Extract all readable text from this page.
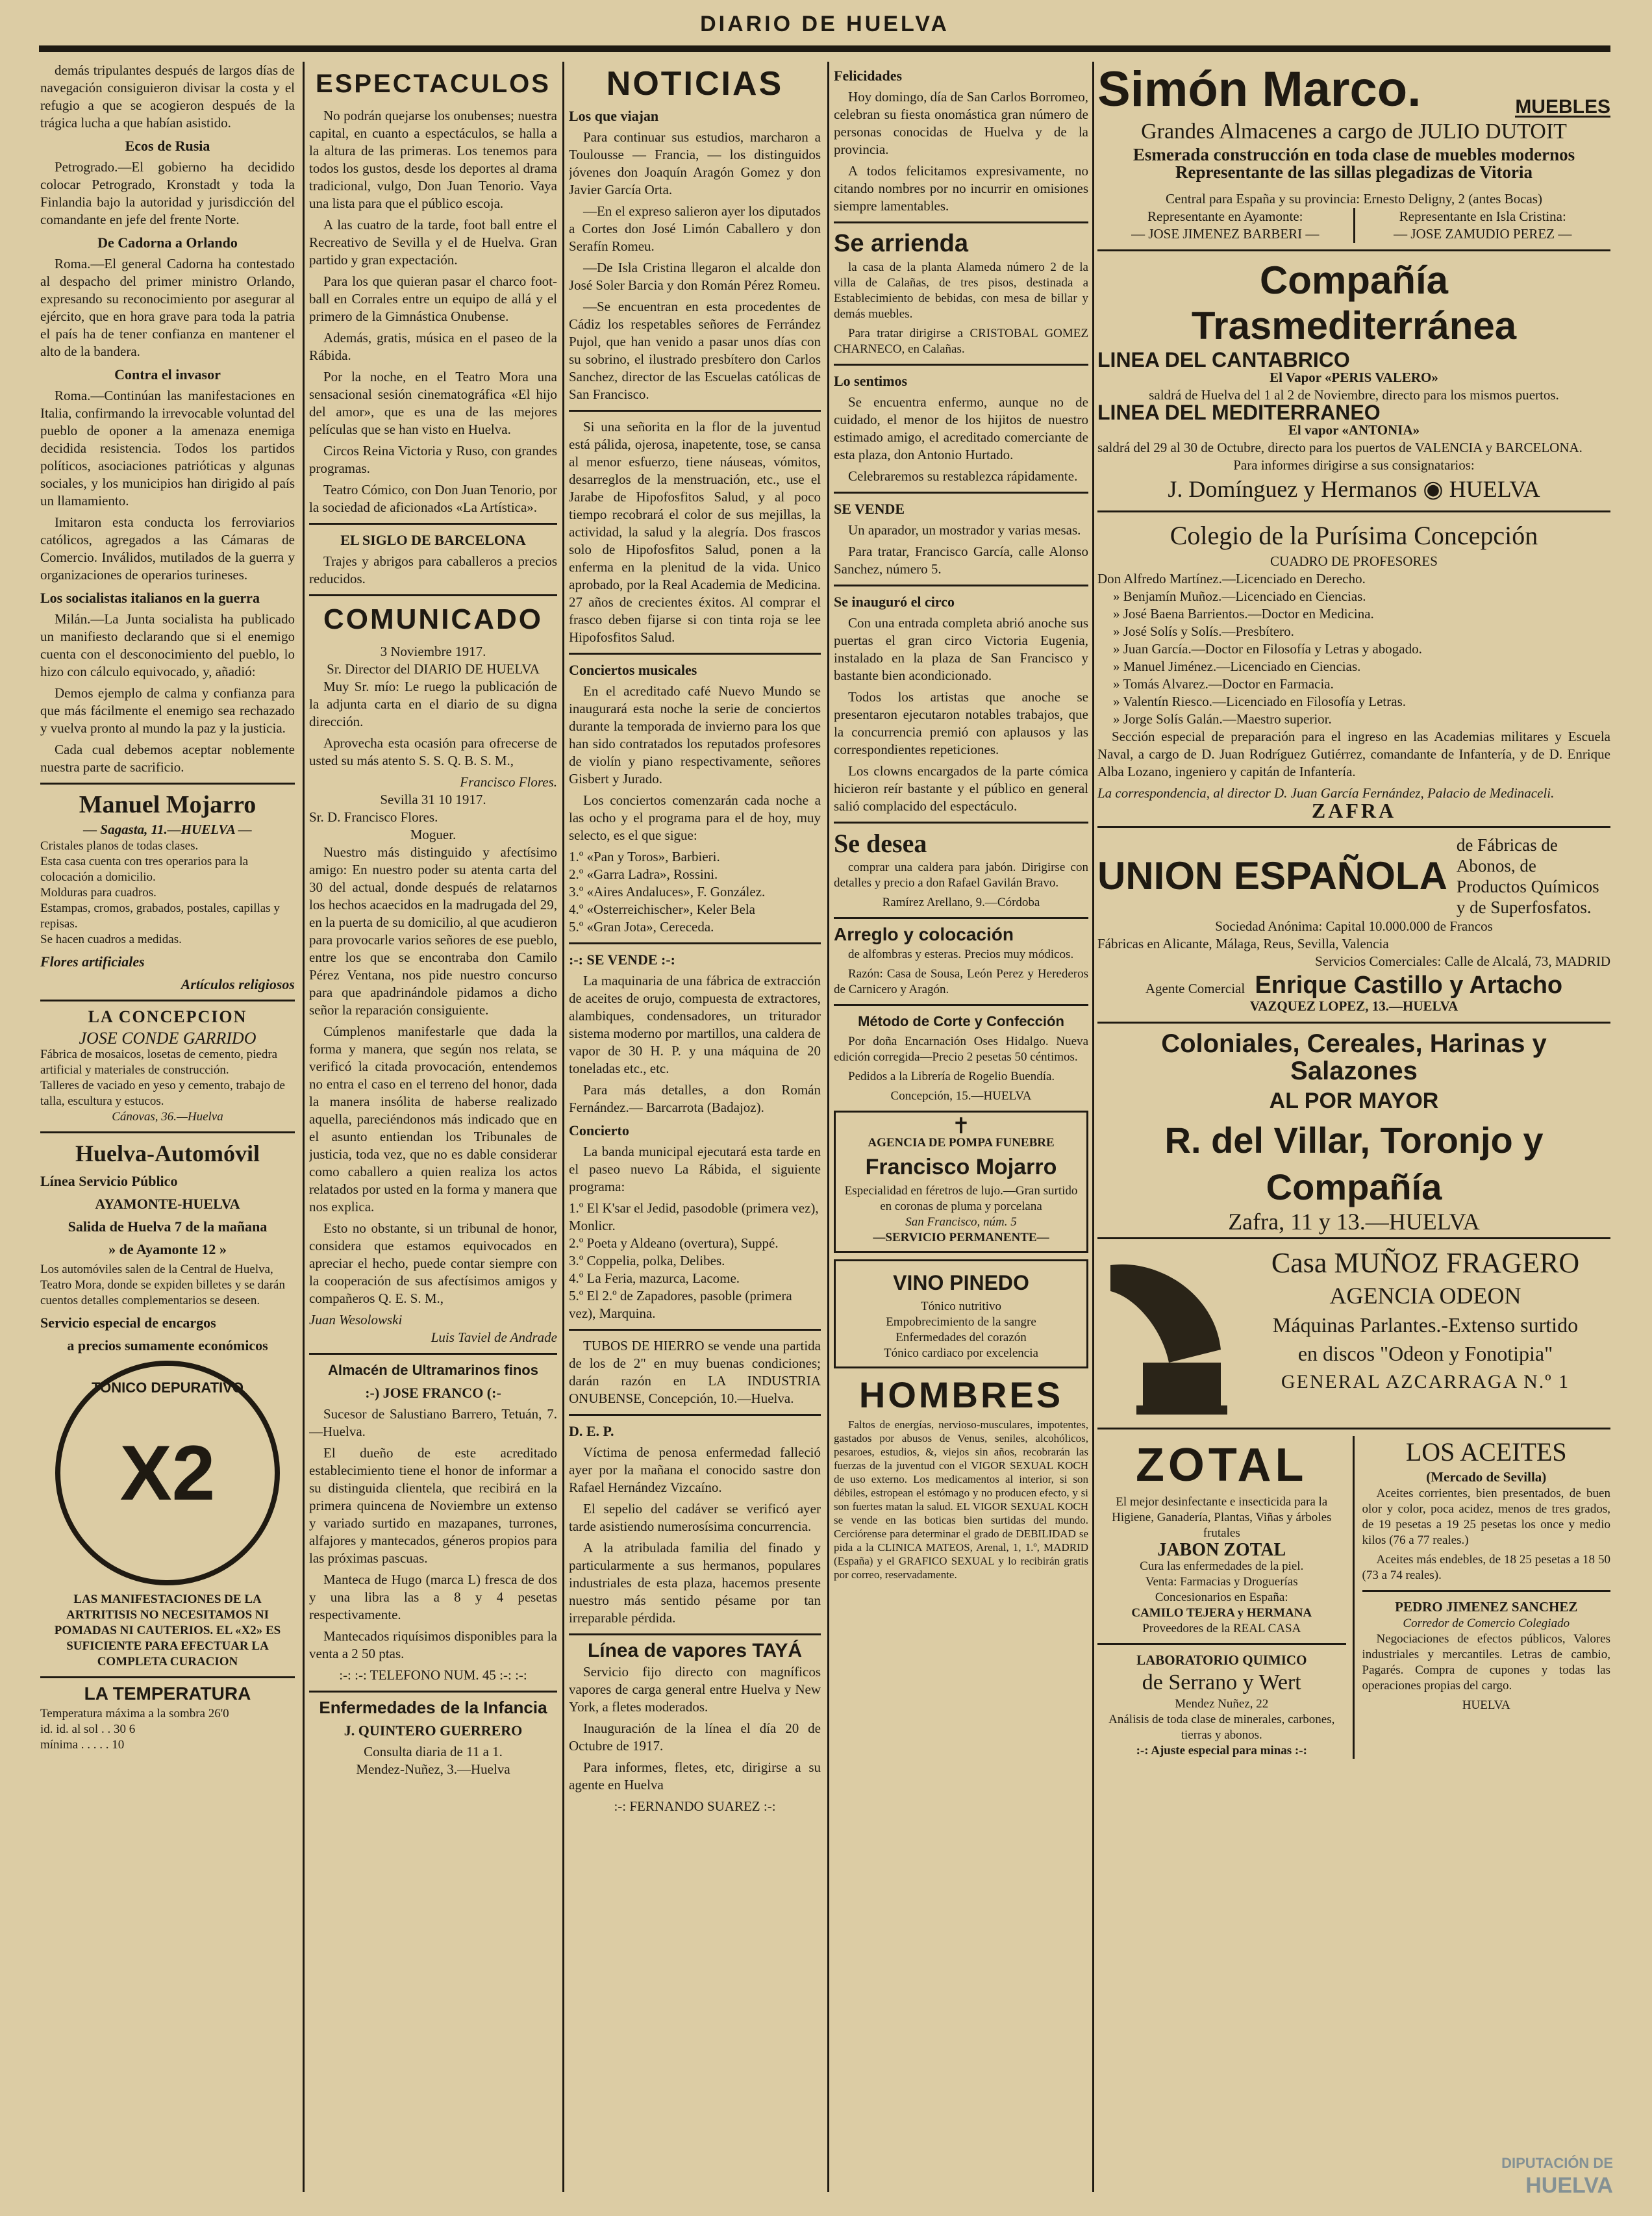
DIARIO DE HUELVA

demás tripulantes después de largos días de navegación consiguieron divisar la costa y el refugio a que se acogieron después de la trágica lucha a que habían asistido.

Ecos de Rusia

Petrogrado.—El gobierno ha decidido colocar Petrogrado, Kronstadt y toda la Finlandia bajo la autoridad y jurisdicción del comandante en jefe del frente Norte.

De Cadorna a Orlando

Roma.—El general Cadorna ha contestado al despacho del primer ministro Orlando, expresando su reconocimiento por asegurar al ejército, que en hora grave para toda la patria el país ha de tener confianza en mantener el alto de la bandera.

Contra el invasor

Roma.—Continúan las manifestaciones en Italia, confirmando la irrevocable voluntad del pueblo de oponer a la amenaza enemiga decidida resistencia. Todos los partidos políticos, asociaciones patrióticas y algunas sociales, y los municipios han dirigido al país un llamamiento.

Imitaron esta conducta los ferroviarios católicos, agregados a las Cámaras de Comercio. Inválidos, mutilados de la guerra y organizaciones de operarios turineses.

Los socialistas italianos en la guerra

Milán.—La Junta socialista ha publicado un manifiesto declarando que si el enemigo cuenta con el desconocimiento del pueblo, lo hizo con cálculo equivocado, y, añadió:

Demos ejemplo de calma y confianza para que más fácilmente el enemigo sea rechazado y vuelva pronto al mundo la paz y la justicia.

Cada cual debemos aceptar noblemente nuestra parte de sacrificio.

Manuel Mojarro
— Sagasta, 11.—HUELVA —
Cristales planos de todas clases.
Esta casa cuenta con tres operarios para la colocación a domicilio.
Molduras para cuadros.
Estampas, cromos, grabados, postales, capillas y repisas.
Se hacen cuadros a medidas.
Flores artificiales
Artículos religiosos
LA CONCEPCION
JOSE CONDE GARRIDO
Fábrica de mosaicos, losetas de cemento, piedra artificial y materiales de construcción.
Talleres de vaciado en yeso y cemento, trabajo de talla, escultura y estucos.
Cánovas, 36.—Huelva
Huelva-Automóvil
Línea Servicio Público
AYAMONTE-HUELVA
Salida de Huelva 7 de la mañana
» de Ayamonte 12 »
Los automóviles salen de la Central de Huelva, Teatro Mora, donde se expiden billetes y se darán cuentos detalles complementarios se deseen.
Servicio especial de encargos
a precios sumamente económicos
TONICO DEPURATIVO
X2
LAS MANIFESTACIONES DE LA ARTRITISIS NO NECESITAMOS NI POMADAS NI CAUTERIOS. EL «X2» ES SUFICIENTE PARA EFECTUAR LA COMPLETA CURACION
LA TEMPERATURA
Temperatura máxima a la sombra 26'0
id. id. al sol . . 30 6
mínima . . . . . 10
ESPECTACULOS

No podrán quejarse los onubenses; nuestra capital, en cuanto a espectáculos, se halla a la altura de las primeras. Los tenemos para todos los gustos, desde los deportes al drama tradicional, vulgo, Don Juan Tenorio. Vaya una lista para que el público escoja.

A las cuatro de la tarde, foot ball entre el Recreativo de Sevilla y el de Huelva. Gran partido y gran expectación.

Para los que quieran pasar el charco foot-ball en Corrales entre un equipo de allá y el primero de la Gimnástica Onubense.

Además, gratis, música en el paseo de la Rábida.

Por la noche, en el Teatro Mora una sensacional sesión cinematográfica «El hijo del amor», que es una de las mejores películas que se han visto en Huelva.

Circos Reina Victoria y Ruso, con grandes programas.

Teatro Cómico, con Don Juan Tenorio, por la sociedad de aficionados «La Artística».

EL SIGLO DE BARCELONA

Trajes y abrigos para caballeros a precios reducidos.

COMUNICADO
3 Noviembre 1917.
Sr. Director del DIARIO DE HUELVA

Muy Sr. mío: Le ruego la publicación de la adjunta carta en el diario de su digna dirección.

Aprovecha esta ocasión para ofrecerse de usted su más atento S. S. Q. B. S. M.,

Francisco Flores.
Sevilla 31 10 1917.
Sr. D. Francisco Flores.
Moguer.

Nuestro más distinguido y afectísimo amigo: En nuestro poder su atenta carta del 30 del actual, donde después de relatarnos los hechos acaecidos en la madrugada del 29, en la puerta de su domicilio, al que acudieron para provocarle varios señores de ese pueblo, entre los que se encontraba don Camilo Pérez Ventana, nos pide nuestro concurso para que apadrinándole pidamos a dicho señor la reparación consiguiente.

Cúmplenos manifestarle que dada la forma y manera, que según nos relata, se verificó la citada provocación, entendemos no entra el caso en el terreno del honor, dada la manera insólita de haberse realizado aquella, pareciéndonos más indicado que en el asunto entiendan los Tribunales de justicia, toda vez, que no es dable considerar como caballero a quien realiza los actos relatados por usted en la forma y manera que nos explica.

Esto no obstante, si un tribunal de honor, considera que estamos equivocados en apreciar el hecho, puede contar siempre con la cooperación de sus afectísimos amigos y compañeros Q. E. S. M.,

Juan Wesolowski
Luis Taviel de Andrade
Almacén de Ultramarinos finos
:-) JOSE FRANCO (:-

Sucesor de Salustiano Barrero, Tetuán, 7.—Huelva.

El dueño de este acreditado establecimiento tiene el honor de informar a su distinguida clientela, que recibirá en la primera quincena de Noviembre un extenso y variado surtido en mazapanes, turrones, alfajores y mantecados, géneros propios para las próximas pascuas.

Manteca de Hugo (marca L) fresca de dos y una libra las a 8 y 4 pesetas respectivamente.

Mantecados riquísimos disponibles para la venta a 2 50 ptas.

:-: :-: TELEFONO NUM. 45 :-: :-:
Enfermedades de la Infancia
J. QUINTERO GUERRERO
Consulta diaria de 11 a 1.
Mendez-Nuñez, 3.—Huelva
NOTICIAS
Los que viajan

Para continuar sus estudios, marcharon a Toulousse — Francia, — los distinguidos jóvenes don Joaquín Aragón Gomez y don Javier García Orta.

—En el expreso salieron ayer los diputados a Cortes don José Limón Caballero y don Serafín Romeu.

—De Isla Cristina llegaron el alcalde don José Soler Barcia y don Román Pérez Romeu.

—Se encuentran en esta procedentes de Cádiz los respetables señores de Ferrández Pujol, que han venido a pasar unos días con su sobrino, el ilustrado presbítero don Carlos Sanchez, director de las Escuelas católicas de San Francisco.

Si una señorita en la flor de la juventud está pálida, ojerosa, inapetente, tose, se cansa al menor esfuerzo, tiene náuseas, vómitos, desarreglos de la menstruación, etc., use el Jarabe de Hipofosfitos Salud, y al poco tiempo recobrará el color de sus mejillas, la actividad, la salud y la alegría. Dos frascos solo de Hipofosfitos Salud, ponen a la enferma en la plenitud de la vida. Unico aprobado, por la Real Academia de Medicina. 27 años de crecientes éxitos. Al comprar el frasco deben fijarse si con tinta roja se lee Hipofosfitos Salud.

Conciertos musicales

En el acreditado café Nuevo Mundo se inaugurará esta noche la serie de conciertos durante la temporada de invierno para los que han sido contratados los reputados profesores de violín y piano respectivamente, señores Gisbert y Jurado.

Los conciertos comenzarán cada noche a las ocho y el programa para el de hoy, muy selecto, es el que sigue:

1.º «Pan y Toros», Barbieri.
2.º «Garra Ladra», Rossini.
3.º «Aires Andaluces», F. González.
4.º «Osterreichischer», Keler Bela
5.º «Gran Jota», Cereceda.
:-: SE VENDE :-:

La maquinaria de una fábrica de extracción de aceites de orujo, compuesta de extractores, alambiques, condensadores, un triturador sistema moderno por martillos, una caldera de vapor de 30 H. P. y una máquina de 20 toneladas etc., etc.

Para más detalles, a don Román Fernández.— Barcarrota (Badajoz).

Concierto

La banda municipal ejecutará esta tarde en el paseo nuevo La Rábida, el siguiente programa:

1.º El K'sar el Jedid, pasodoble (primera vez), Monlicr.
2.º Poeta y Aldeano (overtura), Suppé.
3.º Coppelia, polka, Delibes.
4.º La Feria, mazurca, Lacome.
5.º El 2.º de Zapadores, pasoble (primera vez), Marquina.

TUBOS DE HIERRO se vende una partida de los de 2" en muy buenas condiciones; darán razón en LA INDUSTRIA ONUBENSE, Concepción, 10.—Huelva.

D. E. P.

Víctima de penosa enfermedad falleció ayer por la mañana el conocido sastre don Rafael Hernández Vizcaíno.

El sepelio del cadáver se verificó ayer tarde asistiendo numerosísima concurrencia.

A la atribulada familia del finado y particularmente a sus hermanos, populares industriales de esta plaza, hacemos presente nuestro más sentido pésame por tan irreparable pérdida.

Línea de vapores TAYÁ

Servicio fijo directo con magníficos vapores de carga general entre Huelva y New York, a fletes moderados.

Inauguración de la línea el día 20 de Octubre de 1917.

Para informes, fletes, etc, dirigirse a su agente en Huelva

:-: FERNANDO SUAREZ :-:
Felicidades

Hoy domingo, día de San Carlos Borromeo, celebran su fiesta onomástica gran número de personas conocidas de Huelva y de la provincia.

A todos felicitamos expresivamente, no citando nombres por no incurrir en omisiones siempre lamentables.

Se arrienda

la casa de la planta Alameda número 2 de la villa de Calañas, de tres pisos, destinada a Establecimiento de bebidas, con mesa de billar y demás muebles.

Para tratar dirigirse a CRISTOBAL GOMEZ CHARNECO, en Calañas.

Lo sentimos

Se encuentra enfermo, aunque no de cuidado, el menor de los hijitos de nuestro estimado amigo, el acreditado comerciante de esta plaza, don Antonio Hurtado.

Celebraremos su restablezca rápidamente.

SE VENDE

Un aparador, un mostrador y varias mesas.

Para tratar, Francisco García, calle Alonso Sanchez, número 5.

Se inauguró el circo

Con una entrada completa abrió anoche sus puertas el gran circo Victoria Eugenia, instalado en la plaza de San Francisco y bastante bien acondicionado.

Todos los artistas que anoche se presentaron ejecutaron notables trabajos, que la concurrencia premió con aplausos y las correspondientes repeticiones.

Los clowns encargados de la parte cómica hicieron reír bastante y el público en general salió complacido del espectáculo.

Se desea

comprar una caldera para jabón. Dirigirse con detalles y precio a don Rafael Gavilán Bravo.

Ramírez Arellano, 9.—Córdoba
Arreglo y colocación

de alfombras y esteras. Precios muy módicos.

Razón: Casa de Sousa, León Perez y Herederos de Carnicero y Aragón.

Método de Corte y Confección

Por doña Encarnación Oses Hidalgo. Nueva edición corregida—Precio 2 pesetas 50 céntimos.

Pedidos a la Librería de Rogelio Buendía.

Concepción, 15.—HUELVA
✝
AGENCIA DE POMPA FUNEBRE
Francisco Mojarro
Especialidad en féretros de lujo.—Gran surtido en coronas de pluma y porcelana
San Francisco, núm. 5
—SERVICIO PERMANENTE—
VINO PINEDO
Tónico nutritivo
Empobrecimiento de la sangre
Enfermedades del corazón
Tónico cardiaco por excelencia
HOMBRES

Faltos de energías, nervioso-musculares, impotentes, gastados por abusos de Venus, seniles, alcohólicos, pesaroes, estudios, &, viejos sin años, recobrarán las fuerzas de la juventud con el VIGOR SEXUAL KOCH de uso externo. Los medicamentos al interior, si son débiles, estropean el estómago y no producen efecto, y si son fuertes matan la salud. EL VIGOR SEXUAL KOCH se vende en las boticas bien surtidas del mundo. Cerciórense para determinar el grado de DEBILIDAD se pida a la CLINICA MATEOS, Arenal, 1, 1.º, MADRID (España) y el GRAFICO SEXUAL y lo recibirán gratis por correo, reservadamente.

Simón Marco.	MUEBLES
Grandes Almacenes a cargo de JULIO DUTOIT
Esmerada construcción en toda clase de muebles modernos
Representante de las sillas plegadizas de Vitoria
Central para España y su provincia: Ernesto Deligny, 2 (antes Bocas)
Representante en Ayamonte:
— JOSE JIMENEZ BARBERI —
Representante en Isla Cristina:
— JOSE ZAMUDIO PEREZ —
Compañía Trasmediterránea
LINEA DEL CANTABRICO
El Vapor «PERIS VALERO»
saldrá de Huelva del 1 al 2 de Noviembre, directo para los mismos puertos.
LINEA DEL MEDITERRANEO
El vapor «ANTONIA»
saldrá del 29 al 30 de Octubre, directo para los puertos de VALENCIA y BARCELONA.
Para informes dirigirse a sus consignatarios:
J. Domínguez y Hermanos ◉ HUELVA
Colegio de la Purísima Concepción
CUADRO DE PROFESORES
Don Alfredo Martínez.—Licenciado en Derecho.
» Benjamín Muñoz.—Licenciado en Ciencias.
» José Baena Barrientos.—Doctor en Medicina.
» José Solís y Solís.—Presbítero.
» Juan García.—Doctor en Filosofía y Letras y abogado.
» Manuel Jiménez.—Licenciado en Ciencias.
» Tomás Alvarez.—Doctor en Farmacia.
» Valentín Riesco.—Licenciado en Filosofía y Letras.
» Jorge Solís Galán.—Maestro superior.

Sección especial de preparación para el ingreso en las Academias militares y Escuela Naval, a cargo de D. Juan Rodríguez Gutiérrez, comandante de Infantería, y de D. Enrique Alba Lozano, ingeniero y capitán de Infantería.

La correspondencia, al director D. Juan García Fernández, Palacio de Medinaceli.
ZAFRA
UNION ESPAÑOLA
de Fábricas de Abonos, de Productos Químicos y de Superfosfatos.
Sociedad Anónima: Capital 10.000.000 de Francos
Fábricas en Alicante, Málaga, Reus, Sevilla, Valencia
Servicios Comerciales: Calle de Alcalá, 73, MADRID
Agente Comercial Enrique Castillo y Artacho
VAZQUEZ LOPEZ, 13.—HUELVA
Coloniales, Cereales, Harinas y Salazones
AL POR MAYOR
R. del Villar, Toronjo y Compañía
Zafra, 11 y 13.—HUELVA
Casa MUÑOZ FRAGERO
AGENCIA ODEON
Máquinas Parlantes.-Extenso surtido
en discos "Odeon y Fonotipia"
GENERAL AZCARRAGA N.º 1
ZOTAL
El mejor desinfectante e insecticida para la Higiene, Ganadería, Plantas, Viñas y árboles frutales
JABON ZOTAL
Cura las enfermedades de la piel.
Venta: Farmacias y Droguerías
Concesionarios en España:
CAMILO TEJERA y HERMANA
Proveedores de la REAL CASA
LABORATORIO QUIMICO
de Serrano y Wert
Mendez Nuñez, 22
Análisis de toda clase de minerales, carbones, tierras y abonos.
:-: Ajuste especial para minas :-:
LOS ACEITES
(Mercado de Sevilla)

Aceites corrientes, bien presentados, de buen olor y color, poca acidez, menos de tres grados, de 19 pesetas a 19 25 pesetas los once y medio kilos (76 a 77 reales.)

Aceites más endebles, de 18 25 pesetas a 18 50 (73 a 74 reales).

PEDRO JIMENEZ SANCHEZ
Corredor de Comercio Colegiado

Negociaciones de efectos públicos, Valores industriales y mercantiles. Letras de cambio, Pagarés. Compra de cupones y todas las operaciones propias del cargo.

HUELVA
DIPUTACIÓN DE
HUELVA
